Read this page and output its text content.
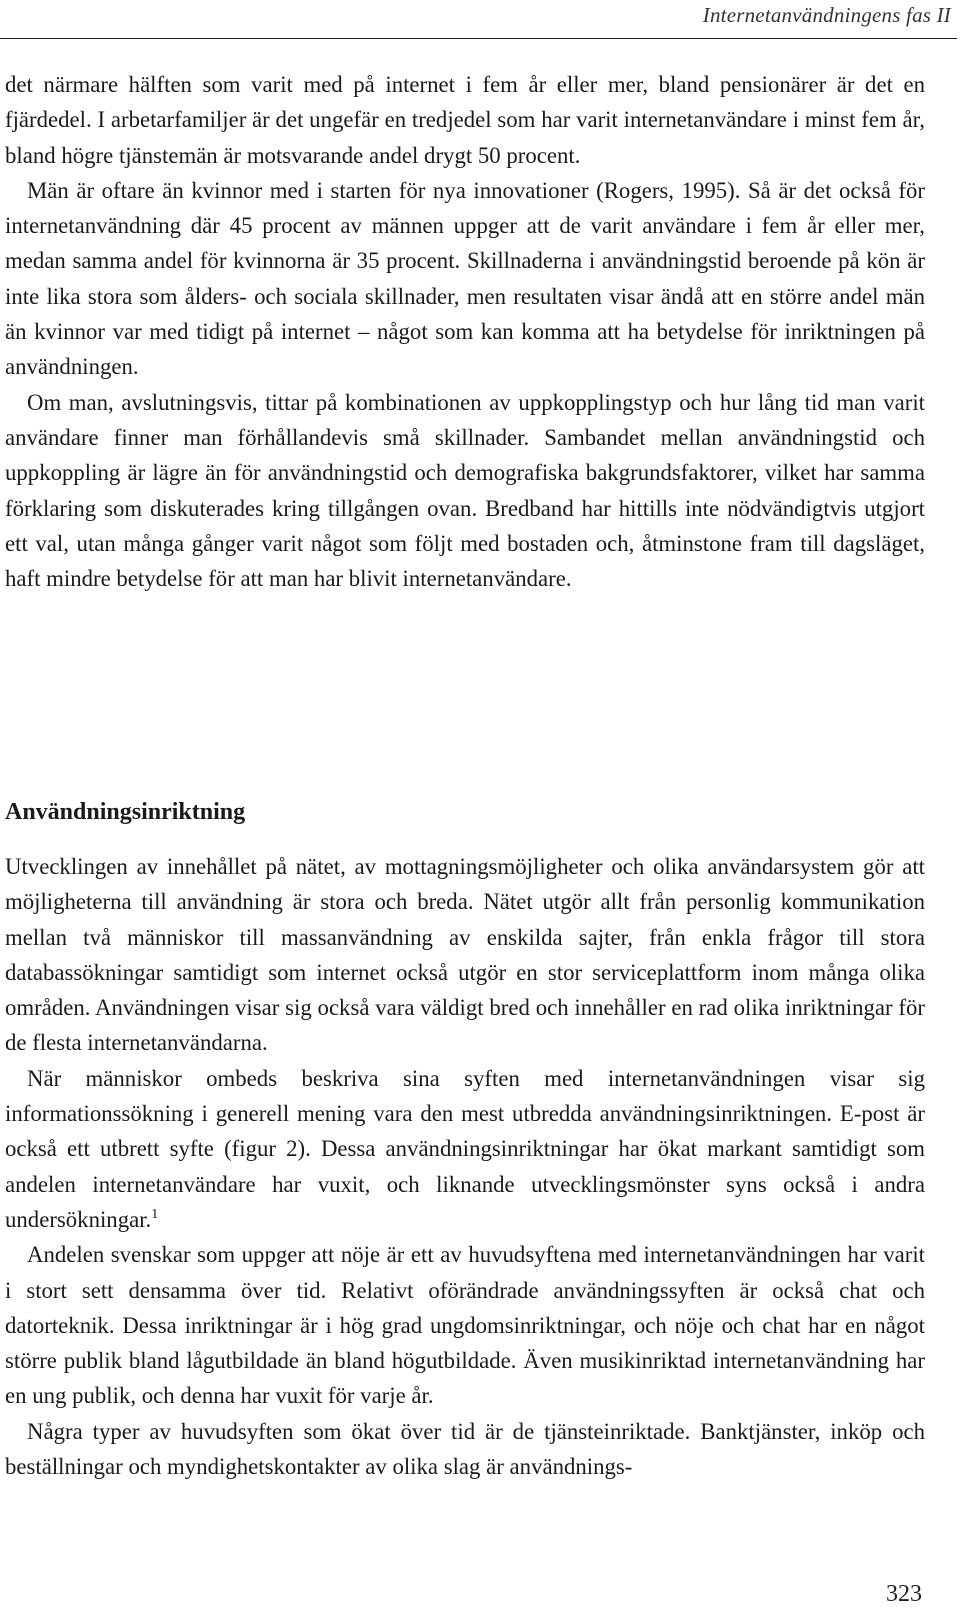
Internetanvändningens fas II

det närmare hälften som varit med på internet i fem år eller mer, bland pensionärer är det en fjärdedel. I arbetarfamiljer är det ungefär en tredjedel som har varit internetanvändare i minst fem år, bland högre tjänstemän är motsvarande andel drygt 50 procent.

Män är oftare än kvinnor med i starten för nya innovationer (Rogers, 1995). Så är det också för internetanvändning där 45 procent av männen uppger att de varit användare i fem år eller mer, medan samma andel för kvinnorna är 35 procent. Skillnaderna i användningstid beroende på kön är inte lika stora som ålders- och sociala skillnader, men resultaten visar ändå att en större andel män än kvinnor var med tidigt på internet – något som kan komma att ha betydelse för inriktningen på användningen.

Om man, avslutningsvis, tittar på kombinationen av uppkopplingstyp och hur lång tid man varit användare finner man förhållandevis små skillnader. Sambandet mellan användningstid och uppkoppling är lägre än för användningstid och demografiska bakgrundsfaktorer, vilket har samma förklaring som diskuterades kring tillgången ovan. Bredband har hittills inte nödvändigtvis utgjort ett val, utan många gånger varit något som följt med bostaden och, åtminstone fram till dagsläget, haft mindre betydelse för att man har blivit internetanvändare.

Användningsinriktning

Utvecklingen av innehållet på nätet, av mottagningsmöjligheter och olika användarsystem gör att möjligheterna till användning är stora och breda. Nätet utgör allt från personlig kommunikation mellan två människor till massanvändning av enskilda sajter, från enkla frågor till stora databassökningar samtidigt som internet också utgör en stor serviceplattform inom många olika områden. Användningen visar sig också vara väldigt bred och innehåller en rad olika inriktningar för de flesta internetanvändarna.

När människor ombeds beskriva sina syften med internetanvändningen visar sig informationssökning i generell mening vara den mest utbredda användningsinriktningen. E-post är också ett utbrett syfte (figur 2). Dessa användningsinriktningar har ökat markant samtidigt som andelen internetanvändare har vuxit, och liknande utvecklingsmönster syns också i andra undersökningar.$^1$

Andelen svenskar som uppger att nöje är ett av huvudsyftena med internetanvändningen har varit i stort sett densamma över tid. Relativt oförändrade användningssyften är också chat och datorteknik. Dessa inriktningar är i hög grad ungdomsinriktningar, och nöje och chat har en något större publik bland lågutbildade än bland högutbildade. Även musikinriktad internetanvändning har en ung publik, och denna har vuxit för varje år.

Några typer av huvudsyften som ökat över tid är de tjänsteinriktade. Banktjänster, inköp och beställningar och myndighetskontakter av olika slag är användnings-

323
